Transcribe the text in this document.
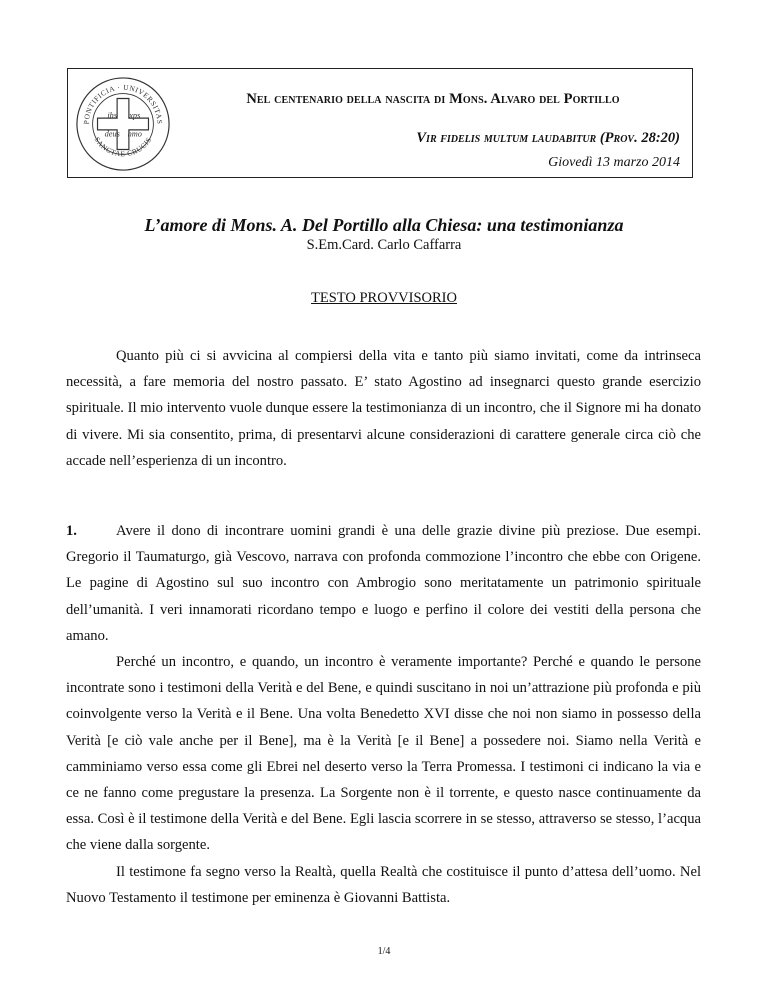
PONTIFICIA · UNIVERSITAS
SANCTAE CRUCIS
ihs xps
deus hmo
Nel centenario della nascita di Mons. Alvaro del Portillo
Vir fidelis multum laudabitur (Prov. 28:20)
Giovedì 13 marzo 2014
L’amore di Mons. A. Del Portillo alla Chiesa: una testimonianza
S.Em.Card. Carlo Caffarra
TESTO PROVVISORIO

Quanto più ci si avvicina al compiersi della vita e tanto più siamo invitati, come da intrinseca necessità, a fare memoria del nostro passato. E’ stato Agostino ad insegnarci questo grande esercizio spirituale. Il mio intervento vuole dunque essere la testimonianza di un incontro, che il Signore mi ha donato di vivere. Mi sia consentito, prima, di presentarvi alcune considerazioni di carattere generale circa ciò che accade nell’esperienza di un incontro.

1.	Avere il dono di incontrare uomini grandi è una delle grazie divine più preziose. Due esempi. Gregorio il Taumaturgo, già Vescovo, narrava con profonda commozione l’incontro che ebbe con Origene. Le pagine di Agostino sul suo incontro con Ambrogio sono meritatamente un patrimonio spirituale dell’umanità. I veri innamorati ricordano tempo e luogo e perfino il colore dei vestiti della persona che amano.

Perché un incontro, e quando, un incontro è veramente importante? Perché e quando le persone incontrate sono i testimoni della Verità e del Bene, e quindi suscitano in noi un’attrazione più profonda e più coinvolgente verso la Verità e il Bene. Una volta Benedetto XVI disse che noi non siamo in possesso della Verità [e ciò vale anche per il Bene], ma è la Verità [e il Bene] a possedere noi. Siamo nella Verità e camminiamo verso essa come gli Ebrei nel deserto verso la Terra Promessa. I testimoni ci indicano la via e ce ne fanno come pregustare la presenza. La Sorgente non è il torrente, e questo nasce continuamente da essa. Così è il testimone della Verità e del Bene. Egli lascia scorrere in se stesso, attraverso se stesso, l’acqua che viene dalla sorgente.

Il testimone fa segno verso la Realtà, quella Realtà che costituisce il punto d’attesa dell’uomo. Nel Nuovo Testamento il testimone per eminenza è Giovanni Battista.

1/4
